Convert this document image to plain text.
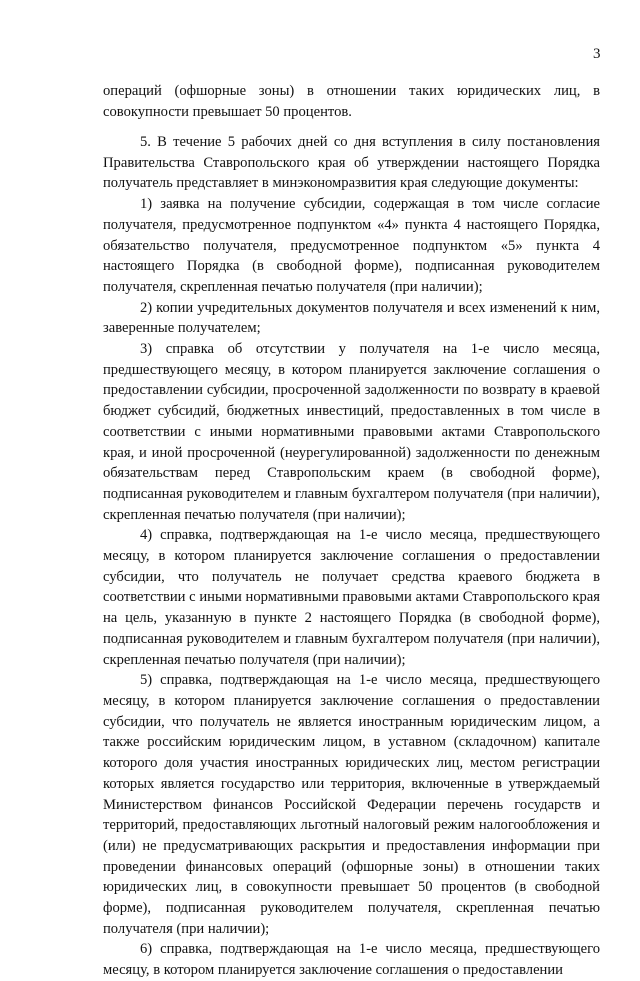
3

операций (офшорные зоны) в отношении таких юридических лиц, в совокупности превышает 50 процентов.

5. В течение 5 рабочих дней со дня вступления в силу постановления Правительства Ставропольского края об утверждении настоящего Порядка получатель представляет в минэкономразвития края следующие документы:

1) заявка на получение субсидии, содержащая в том числе согласие получателя, предусмотренное подпунктом «4» пункта 4 настоящего Порядка, обязательство получателя, предусмотренное подпунктом «5» пункта 4 настоящего Порядка (в свободной форме), подписанная руководителем получателя, скрепленная печатью получателя (при наличии);

2) копии учредительных документов получателя и всех изменений к ним, заверенные получателем;

3) справка об отсутствии у получателя на 1-е число месяца, предшествующего месяцу, в котором планируется заключение соглашения о предоставлении субсидии, просроченной задолженности по возврату в краевой бюджет субсидий, бюджетных инвестиций, предоставленных в том числе в соответствии с иными нормативными правовыми актами Ставропольского края, и иной просроченной (неурегулированной) задолженности по денежным обязательствам перед Ставропольским краем (в свободной форме), подписанная руководителем и главным бухгалтером получателя (при наличии), скрепленная печатью получателя (при наличии);

4) справка, подтверждающая на 1-е число месяца, предшествующего месяцу, в котором планируется заключение соглашения о предоставлении субсидии, что получатель не получает средства краевого бюджета в соответствии с иными нормативными правовыми актами Ставропольского края на цель, указанную в пункте 2 настоящего Порядка (в свободной форме), подписанная руководителем и главным бухгалтером получателя (при наличии), скрепленная печатью получателя (при наличии);

5) справка, подтверждающая на 1-е число месяца, предшествующего месяцу, в котором планируется заключение соглашения о предоставлении субсидии, что получатель не является иностранным юридическим лицом, а также российским юридическим лицом, в уставном (складочном) капитале которого доля участия иностранных юридических лиц, местом регистрации которых является государство или территория, включенные в утверждаемый Министерством финансов Российской Федерации перечень государств и территорий, предоставляющих льготный налоговый режим налогообложения и (или) не предусматривающих раскрытия и предоставления информации при проведении финансовых операций (офшорные зоны) в отношении таких юридических лиц, в совокупности превышает 50 процентов (в свободной форме), подписанная руководителем получателя, скрепленная печатью получателя (при наличии);

6) справка, подтверждающая на 1-е число месяца, предшествующего месяцу, в котором планируется заключение соглашения о предоставлении
